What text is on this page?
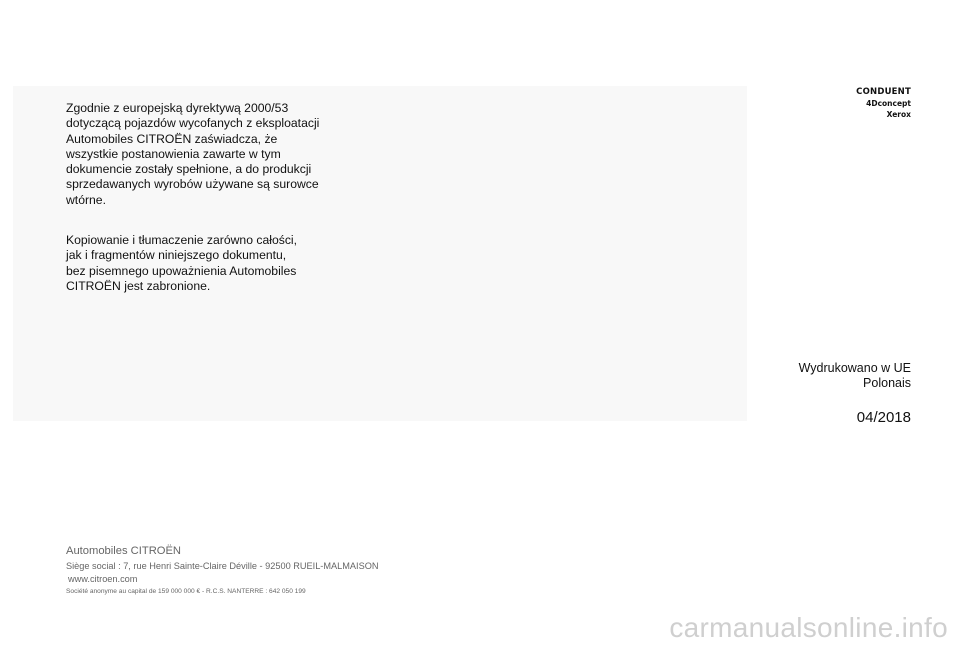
Zgodnie z europejską dyrektywą 2000/53
dotyczącą pojazdów wycofanych z eksploatacji
Automobiles CITROËN zaświadcza, że
wszystkie postanowienia zawarte w tym
dokumencie zostały spełnione, a do produkcji
sprzedawanych wyrobów używane są surowce
wtórne.

Kopiowanie i tłumaczenie zarówno całości,
jak i fragmentów niniejszego dokumentu,
bez pisemnego upoważnienia Automobiles
CITROËN jest zabronione.

CONDUENT
4Dconcept
Xerox
Wydrukowano w UE
Polonais
04/2018
Automobiles CITROËN
Siège social : 7, rue Henri Sainte-Claire Déville - 92500 RUEIL-MALMAISON
www.citroen.com
Société anonyme au capital de 159 000 000 € - R.C.S. NANTERRE : 642 050 199
carmanualsonline.info
